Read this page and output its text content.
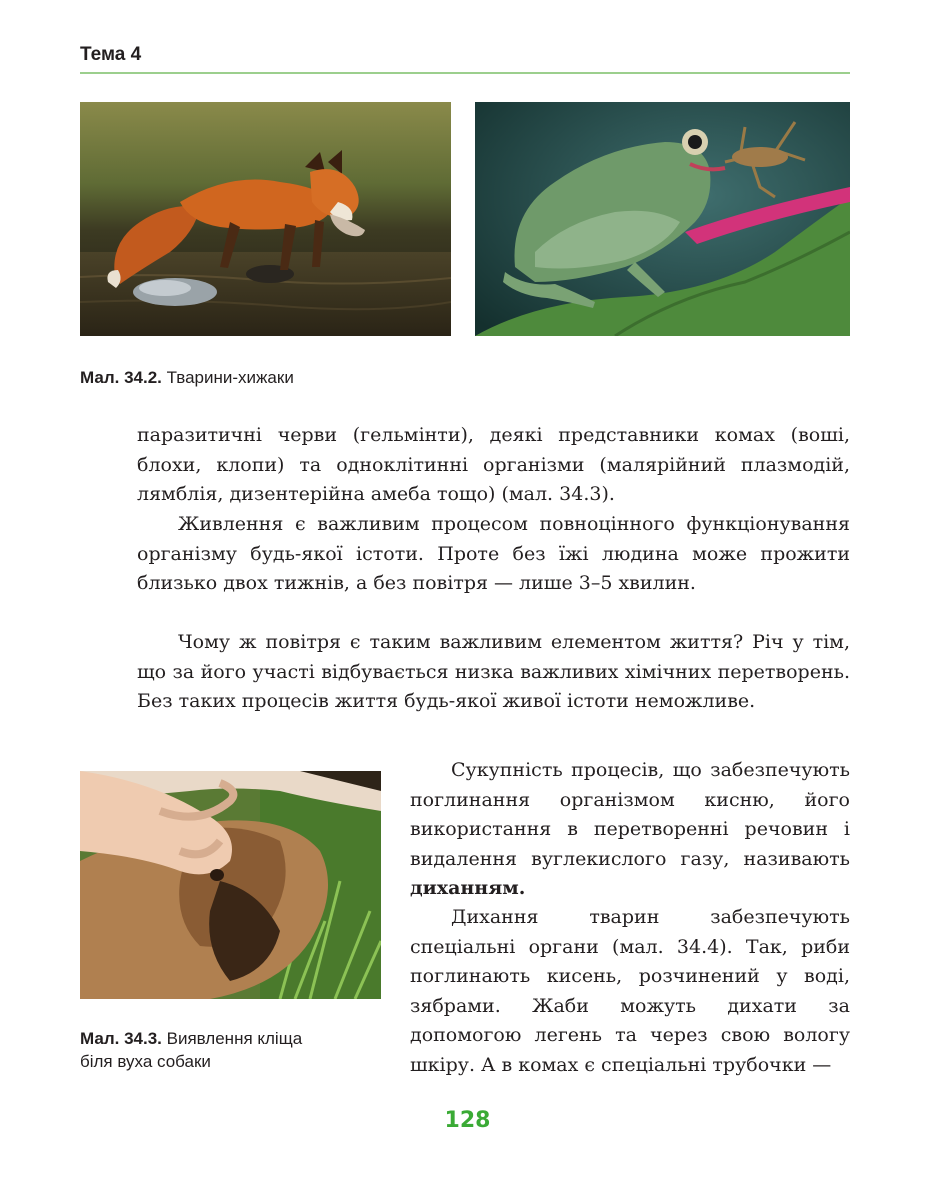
Тема 4
Мал. 34.2. Тварини-хижаки

паразитичні черви (гельмінти), деякі представники комах (воші, блохи, клопи) та одноклітинні організми (малярійний плазмодій, лямблія, дизентерійна амеба тощо) (мал. 34.3).

Живлення є важливим процесом повноцінного функціонування організму будь-якої істоти. Проте без їжі людина може прожити близько двох тижнів, а без повітря — лише 3–5 хвилин.

Чому ж повітря є таким важливим елементом життя? Річ у тім, що за його участі відбувається низка важливих хімічних перетворень. Без таких процесів життя будь-якої живої істоти неможливе.

Мал. 34.3. Виявлення кліща
біля вуха собаки

Сукупність процесів, що забезпечують поглинання організмом кисню, його використання в перетворенні речовин і видалення вуглекислого газу, називають диханням.

Дихання тварин забезпечують спеціальні органи (мал. 34.4). Так, риби поглинають кисень, розчинений у воді, зябрами. Жаби можуть дихати за допомогою легень та через свою вологу шкіру. А в комах є спеціальні трубочки —

128
